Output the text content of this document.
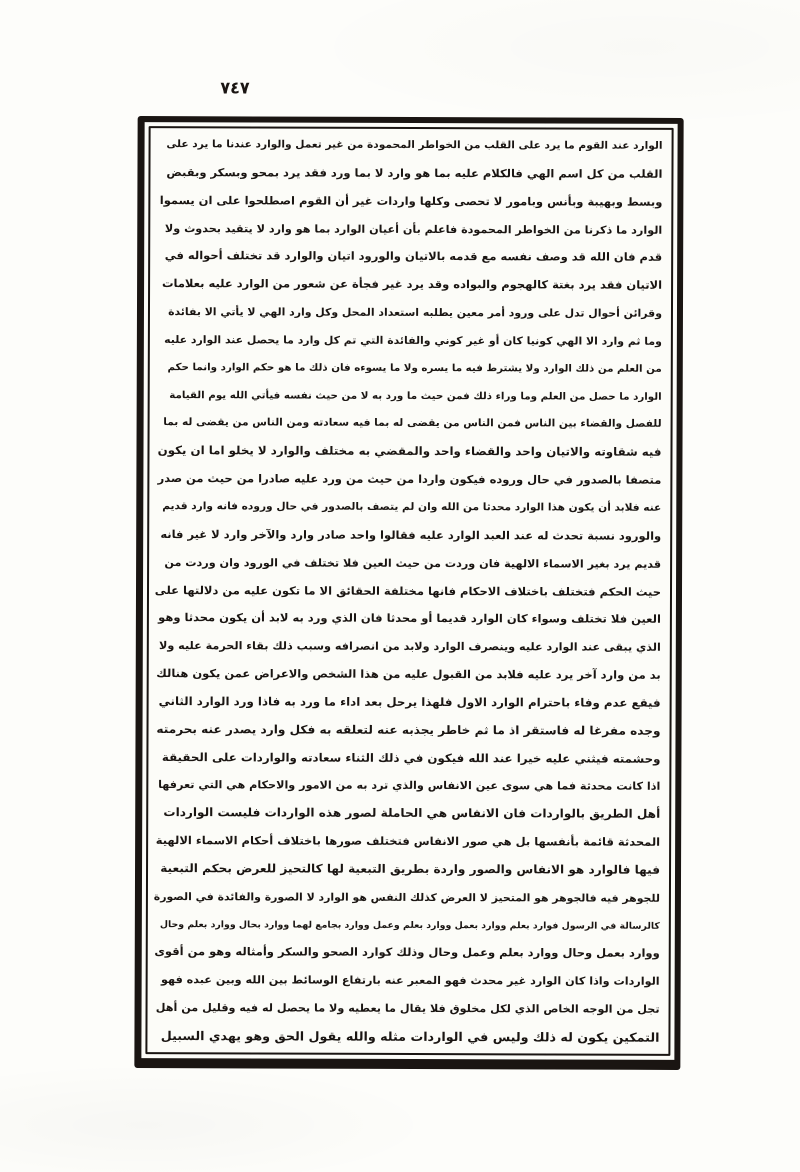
٧٤٧
الوارد عند القوم ما يرد على القلب من الخواطر المحمودة من غير تعمل والوارد عندنا ما يرد على
القلب من كل اسم الهي فالكلام عليه بما هو وارد لا بما ورد فقد يرد بمحو وبسكر وبقبض
وبسط وبهيبة وبأنس وبامور لا تحصى وكلها واردات غير أن القوم اصطلحوا على ان يسموا
الوارد ما ذكرنا من الخواطر المحمودة فاعلم بأن أعيان الوارد بما هو وارد لا يتقيد بحدوث ولا
قدم فان الله قد وصف نفسه مع قدمه بالاتيان والورود اتيان والوارد قد تختلف أحواله في
الاتيان فقد يرد بغتة كالهجوم والبواده وقد يرد غير فجأة عن شعور من الوارد عليه بعلامات
وقرائن أحوال تدل على ورود أمر معين يطلبه استعداد المحل وكل وارد الهي لا يأتي الا بفائدة
وما ثم وارد الا الهي كونيا كان أو غير كوني والفائدة التي تم كل وارد ما يحصل عند الوارد عليه
من العلم من ذلك الوارد ولا يشترط فيه ما يسره ولا ما يسوءه فان ذلك ما هو حكم الوارد وانما حكم
الوارد ما حصل من العلم وما وراء ذلك فمن حيث ما ورد به لا من حيث نفسه فيأتي الله يوم القيامة
للفصل والقضاء بين الناس فمن الناس من يقضى له بما فيه سعادته ومن الناس من يقضى له بما
فيه شقاوته والاتيان واحد والقضاء واحد والمقضي به مختلف والوارد لا يخلو اما ان يكون
متصفا بالصدور في حال وروده فيكون واردا من حيث من ورد عليه صادرا من حيث من صدر
عنه فلابد أن يكون هذا الوارد محدثا من الله وان لم يتصف بالصدور في حال وروده فانه وارد قديم
والورود نسبة تحدث له عند العبد الوارد عليه فقالوا واحد صادر وارد والآخر وارد لا غير فانه
قديم يرد بغير الاسماء الالهية فان وردت من حيث العين فلا تختلف في الورود وان وردت من
حيث الحكم فتختلف باختلاف الاحكام فانها مختلفة الحقائق الا ما تكون عليه من دلالتها على
العين فلا تختلف وسواء كان الوارد قديما أو محدثا فان الذي ورد به لابد أن يكون محدثا وهو
الذي يبقى عند الوارد عليه وينصرف الوارد ولابد من انصرافه وسبب ذلك بقاء الحرمة عليه ولا
بد من وارد آخر يرد عليه فلابد من القبول عليه من هذا الشخص والاعراض عمن يكون هنالك
فيقع عدم وفاء باحترام الوارد الاول فلهذا يرحل بعد اداء ما ورد به فاذا ورد الوارد الثاني
وجده مفرغا له فاستقر اذ ما ثم خاطر يجذبه عنه لتعلقه به فكل وارد يصدر عنه بحرمته
وحشمته فيثني عليه خيرا عند الله فيكون في ذلك الثناء سعادته والواردات على الحقيقة
اذا كانت محدثة فما هي سوى عين الانفاس والذي ترد به من الامور والاحكام هي التي تعرفها
أهل الطريق بالواردات فان الانفاس هي الحاملة لصور هذه الواردات فليست الواردات
المحدثة قائمة بأنفسها بل هي صور الانفاس فتختلف صورها باختلاف أحكام الاسماء الالهية
فيها فالوارد هو الانفاس والصور واردة بطريق التبعية لها كالتحيز للعرض بحكم التبعية
للجوهر فيه فالجوهر هو المتحيز لا العرض كذلك النفس هو الوارد لا الصورة والفائدة في الصورة
كالرسالة في الرسول فوارد بعلم ووارد بعمل ووارد بعلم وعمل ووارد بجامع لهما ووارد بحال ووارد بعلم وحال
ووارد بعمل وحال ووارد بعلم وعمل وحال وذلك كوارد الصحو والسكر وأمثاله وهو من أقوى
الواردات واذا كان الوارد غير محدث فهو المعبر عنه بارتفاع الوسائط بين الله وبين عبده فهو
تجل من الوجه الخاص الذي لكل مخلوق فلا يقال ما يعطيه ولا ما يحصل له فيه وقليل من أهل
التمكين يكون له ذلك وليس في الواردات مثله والله يقول الحق وهو يهدي السبيل
